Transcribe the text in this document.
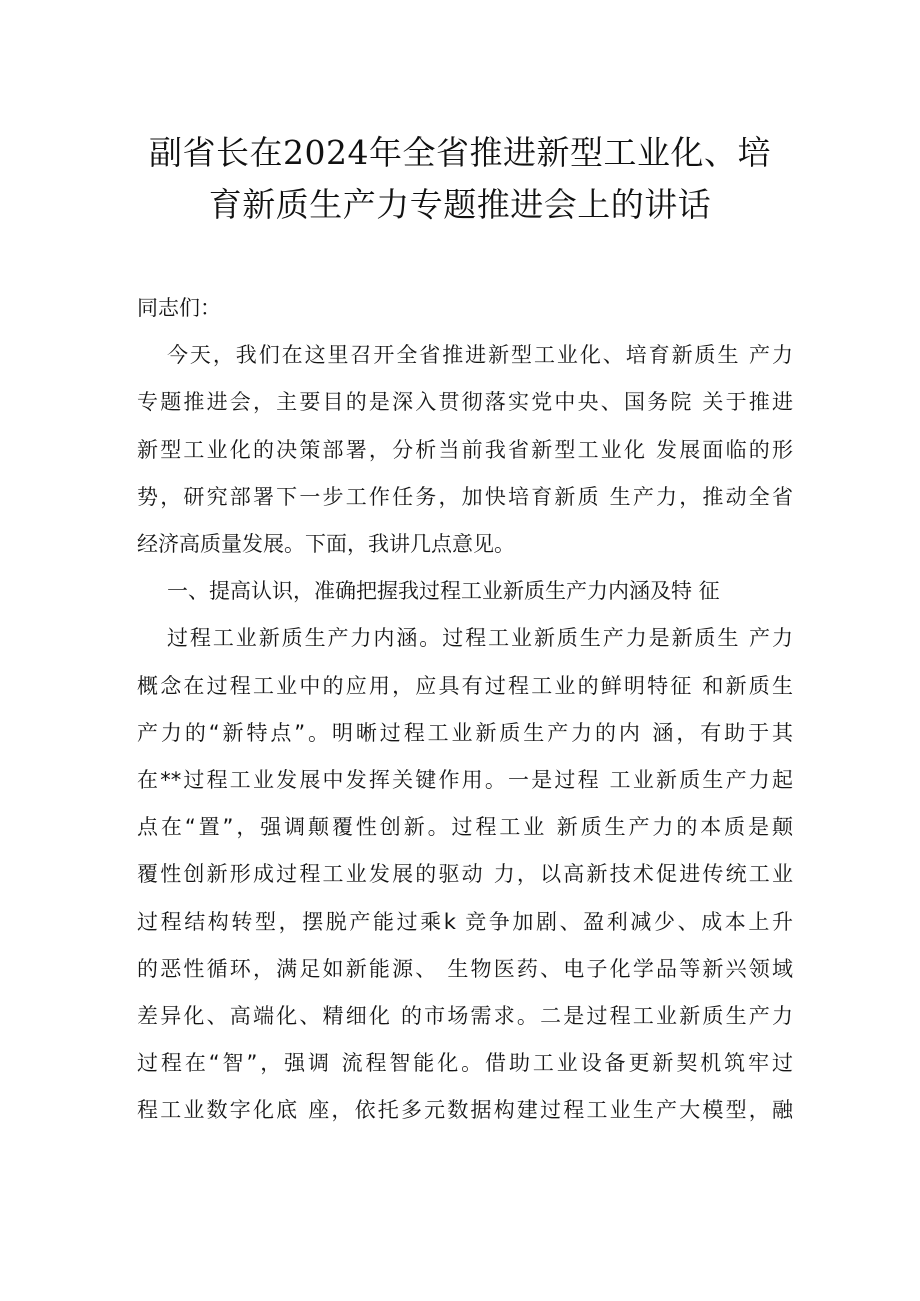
副省长在2024年全省推进新型工业化、培
育新质生产力专题推进会上的讲话
同志们：
今天，我们在这里召开全省推进新型工业化、培育新质生 产力
专题推进会，主要目的是深入贯彻落实党中央、国务院 关于推进
新型工业化的决策部署，分析当前我省新型工业化 发展面临的形
势，研究部署下一步工作任务，加快培育新质 生产力，推动全省
经济高质量发展。下面，我讲几点意见。
一、提高认识，准确把握我过程工业新质生产力内涵及特 征
过程工业新质生产力内涵。过程工业新质生产力是新质生 产力
概念在过程工业中的应用，应具有过程工业的鲜明特征 和新质生
产力的“新特点”。明晰过程工业新质生产力的内 涵，有助于其
在**过程工业发展中发挥关键作用。一是过程 工业新质生产力起
点在“置”，强调颠覆性创新。过程工业 新质生产力的本质是颠
覆性创新形成过程工业发展的驱动 力，以高新技术促进传统工业
过程结构转型，摆脱产能过乘k 竞争加剧、盈利减少、成本上升
的恶性循环，满足如新能源、 生物医药、电子化学品等新兴领域
差异化、高端化、精细化 的市场需求。二是过程工业新质生产力
过程在“智”，强调 流程智能化。借助工业设备更新契机筑牢过
程工业数字化底 座，依托多元数据构建过程工业生产大模型，融
